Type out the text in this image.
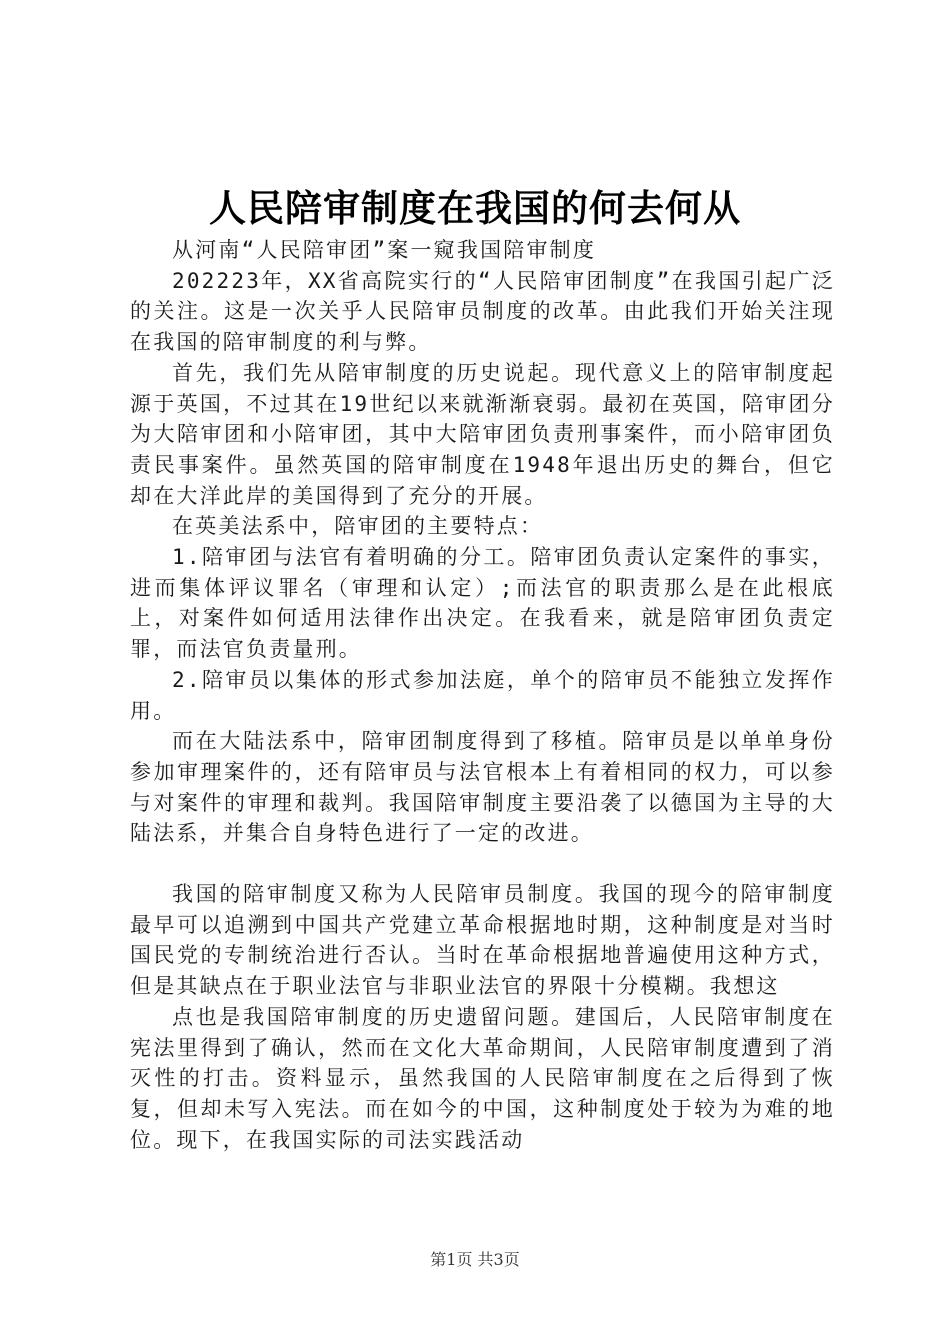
人民陪审制度在我国的何去何从

从河南“人民陪审团”案一窥我国陪审制度

202223年，XX省高院实行的“人民陪审团制度”在我国引起广泛的关注。这是一次关乎人民陪审员制度的改革。由此我们开始关注现在我国的陪审制度的利与弊。

首先，我们先从陪审制度的历史说起。现代意义上的陪审制度起源于英国，不过其在19世纪以来就渐渐衰弱。最初在英国，陪审团分为大陪审团和小陪审团，其中大陪审团负责刑事案件，而小陪审团负责民事案件。虽然英国的陪审制度在1948年退出历史的舞台，但它却在大洋此岸的美国得到了充分的开展。

在英美法系中，陪审团的主要特点：

1.陪审团与法官有着明确的分工。陪审团负责认定案件的事实，进而集体评议罪名（审理和认定）;而法官的职责那么是在此根底上，对案件如何适用法律作出决定。在我看来，就是陪审团负责定罪，而法官负责量刑。

2.陪审员以集体的形式参加法庭，单个的陪审员不能独立发挥作用。

而在大陆法系中，陪审团制度得到了移植。陪审员是以单单身份参加审理案件的，还有陪审员与法官根本上有着相同的权力，可以参与对案件的审理和裁判。我国陪审制度主要沿袭了以德国为主导的大陆法系，并集合自身特色进行了一定的改进。

我国的陪审制度又称为人民陪审员制度。我国的现今的陪审制度最早可以追溯到中国共产党建立革命根据地时期，这种制度是对当时国民党的专制统治进行否认。当时在革命根据地普遍使用这种方式，但是其缺点在于职业法官与非职业法官的界限十分模糊。我想这

点也是我国陪审制度的历史遗留问题。建国后，人民陪审制度在宪法里得到了确认，然而在文化大革命期间，人民陪审制度遭到了消灭性的打击。资料显示，虽然我国的人民陪审制度在之后得到了恢复，但却未写入宪法。而在如今的中国，这种制度处于较为为难的地位。现下，在我国实际的司法实践活动

第1页 共3页
